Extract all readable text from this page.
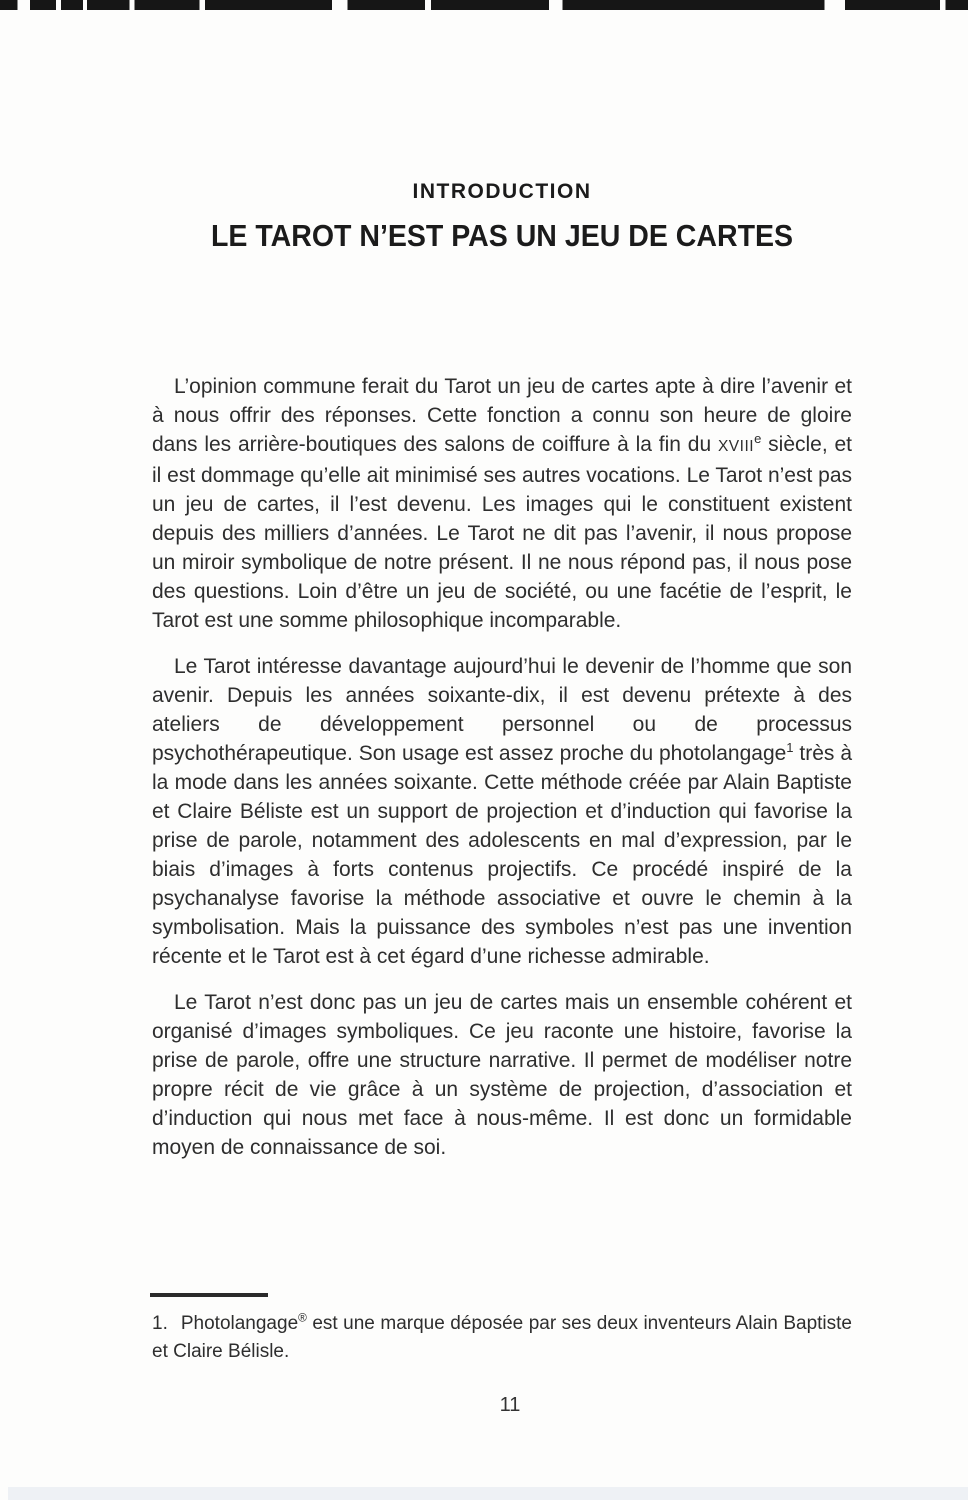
INTRODUCTION
LE TAROT N’EST PAS UN JEU DE CARTES

L’opinion commune ferait du Tarot un jeu de cartes apte à dire l’avenir et à nous offrir des réponses. Cette fonction a connu son heure de gloire dans les arrière-boutiques des salons de coiffure à la fin du XVIIIe siècle, et il est dommage qu’elle ait minimisé ses autres vocations. Le Tarot n’est pas un jeu de cartes, il l’est devenu. Les images qui le constituent existent depuis des milliers d’années. Le Tarot ne dit pas l’avenir, il nous propose un miroir symbolique de notre présent. Il ne nous répond pas, il nous pose des questions. Loin d’être un jeu de société, ou une facétie de l’esprit, le Tarot est une somme philosophique incomparable.

Le Tarot intéresse davantage aujourd’hui le devenir de l’homme que son avenir. Depuis les années soixante-dix, il est devenu prétexte à des ateliers de développement personnel ou de processus psychothérapeutique. Son usage est assez proche du photolangage$^1$ très à la mode dans les années soixante. Cette méthode créée par Alain Baptiste et Claire Béliste est un support de projection et d’induction qui favorise la prise de parole, notamment des adolescents en mal d’expression, par le biais d’images à forts contenus projectifs. Ce procédé inspiré de la psychanalyse favorise la méthode associative et ouvre le chemin à la symbolisation. Mais la puissance des symboles n’est pas une invention récente et le Tarot est à cet égard d’une richesse admirable.

Le Tarot n’est donc pas un jeu de cartes mais un ensemble cohérent et organisé d’images symboliques. Ce jeu raconte une histoire, favorise la prise de parole, offre une structure narrative. Il permet de modéliser notre propre récit de vie grâce à un système de projection, d’association et d’induction qui nous met face à nous-même. Il est donc un formidable moyen de connaissance de soi.

1. Photolangage® est une marque déposée par ses deux inventeurs Alain Baptiste et Claire Bélisle.

11
